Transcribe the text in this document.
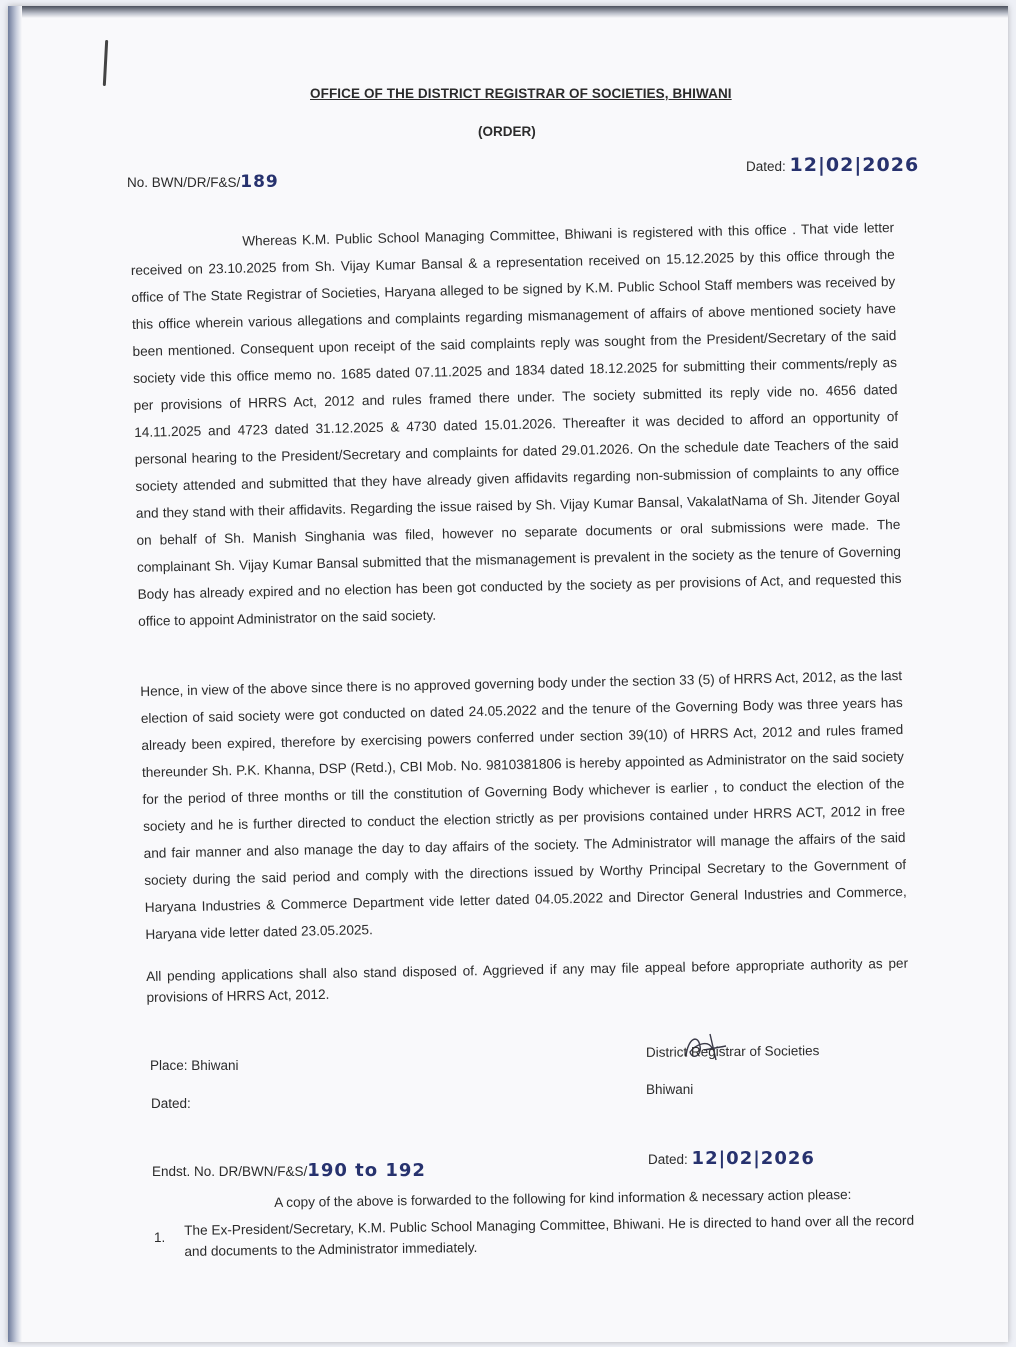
OFFICE OF THE DISTRICT REGISTRAR OF SOCIETIES, BHIWANI
(ORDER)
No. BWN/DR/F&S/189
Dated: 12|02|2026
Whereas K.M. Public School Managing Committee, Bhiwani is registered with this office . That vide letter received on 23.10.2025 from Sh. Vijay Kumar Bansal & a representation received on 15.12.2025 by this office through the office of The State Registrar of Societies, Haryana alleged to be signed by K.M. Public School Staff members was received by this office wherein various allegations and complaints regarding mismanagement of affairs of above mentioned society have been mentioned. Consequent upon receipt of the said complaints reply was sought from the President/Secretary of the said society vide this office memo no. 1685 dated 07.11.2025 and 1834 dated 18.12.2025 for submitting their comments/reply as per provisions of HRRS Act, 2012 and rules framed there under. The society submitted its reply vide no. 4656 dated 14.11.2025 and 4723 dated 31.12.2025 & 4730 dated 15.01.2026. Thereafter it was decided to afford an opportunity of personal hearing to the President/Secretary and complaints for dated 29.01.2026. On the schedule date Teachers of the said society attended and submitted that they have already given affidavits regarding non-submission of complaints to any office and they stand with their affidavits. Regarding the issue raised by Sh. Vijay Kumar Bansal, VakalatNama of Sh. Jitender Goyal on behalf of Sh. Manish Singhania was filed, however no separate documents or oral submissions were made. The complainant Sh. Vijay Kumar Bansal submitted that the mismanagement is prevalent in the society as the tenure of Governing Body has already expired and no election has been got conducted by the society as per provisions of Act, and requested this office to appoint Administrator on the said society.
Hence, in view of the above since there is no approved governing body under the section 33 (5) of HRRS Act, 2012, as the last election of said society were got conducted on dated 24.05.2022 and the tenure of the Governing Body was three years has already been expired, therefore by exercising powers conferred under section 39(10) of HRRS Act, 2012 and rules framed thereunder Sh. P.K. Khanna, DSP (Retd.), CBI Mob. No. 9810381806 is hereby appointed as Administrator on the said society for the period of three months or till the constitution of Governing Body whichever is earlier , to conduct the election of the society and he is further directed to conduct the election strictly as per provisions contained under HRRS ACT, 2012 in free and fair manner and also manage the day to day affairs of the society. The Administrator will manage the affairs of the said society during the said period and comply with the directions issued by Worthy Principal Secretary to the Government of Haryana Industries & Commerce Department vide letter dated 04.05.2022 and Director General Industries and Commerce, Haryana vide letter dated 23.05.2025.
All pending applications shall also stand disposed of. Aggrieved if any may file appeal before appropriate authority as per provisions of HRRS Act, 2012.
Place: Bhiwani
Dated:
District Registrar of Societies
Bhiwani
Endst. No. DR/BWN/F&S/190 to 192
Dated: 12|02|2026
A copy of the above is forwarded to the following for kind information & necessary action please:
1. The Ex-President/Secretary, K.M. Public School Managing Committee, Bhiwani. He is directed to hand over all the record and documents to the Administrator immediately.
